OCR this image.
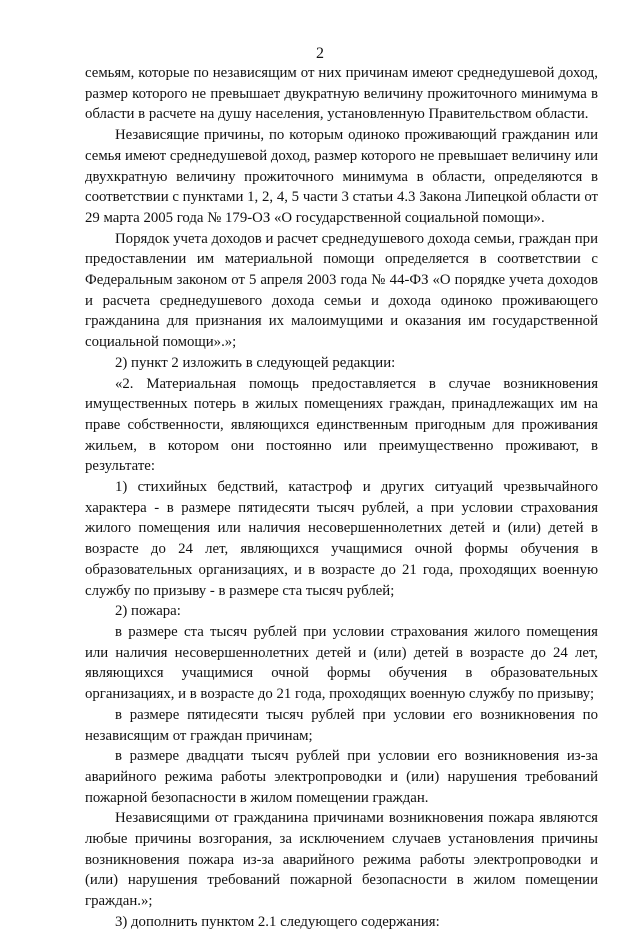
2

семьям, которые по независящим от них причинам имеют среднедушевой доход, размер которого не превышает двукратную величину прожиточного минимума в области в расчете на душу населения, установленную Правительством области.

Независящие причины, по которым одиноко проживающий гражданин или семья имеют среднедушевой доход, размер которого не превышает величину или двухкратную величину прожиточного минимума в области, определяются в соответствии с пунктами 1, 2, 4, 5 части 3 статьи 4.3 Закона Липецкой области от 29 марта 2005 года № 179-ОЗ «О государственной социальной помощи».

Порядок учета доходов и расчет среднедушевого дохода семьи, граждан при предоставлении им материальной помощи определяется в соответствии с Федеральным законом от 5 апреля 2003 года № 44-ФЗ «О порядке учета доходов и расчета среднедушевого дохода семьи и дохода одиноко проживающего гражданина для признания их малоимущими и оказания им государственной социальной помощи».»;

2) пункт 2 изложить в следующей редакции:

«2. Материальная помощь предоставляется в случае возникновения имущественных потерь в жилых помещениях граждан, принадлежащих им на праве собственности, являющихся единственным пригодным для проживания жильем, в котором они постоянно или преимущественно проживают, в результате:

1) стихийных бедствий, катастроф и других ситуаций чрезвычайного характера - в размере пятидесяти тысяч рублей, а при условии страхования жилого помещения или наличия несовершеннолетних детей и (или) детей в возрасте до 24 лет, являющихся учащимися очной формы обучения в образовательных организациях, и в возрасте до 21 года, проходящих военную службу по призыву - в размере ста тысяч рублей;

2) пожара:

в размере ста тысяч рублей при условии страхования жилого помещения или наличия несовершеннолетних детей и (или) детей в возрасте до 24 лет, являющихся учащимися очной формы обучения в образовательных организациях, и в возрасте до 21 года, проходящих военную службу по призыву;

в размере пятидесяти тысяч рублей при условии его возникновения по независящим от граждан причинам;

в размере двадцати тысяч рублей при условии его возникновения из-за аварийного режима работы электропроводки и (или) нарушения требований пожарной безопасности в жилом помещении граждан.

Независящими от гражданина причинами возникновения пожара являются любые причины возгорания, за исключением случаев установления причины возникновения пожара из-за аварийного режима работы электропроводки и (или) нарушения требований пожарной безопасности в жилом помещении граждан.»;

3) дополнить пунктом 2.1 следующего содержания:
